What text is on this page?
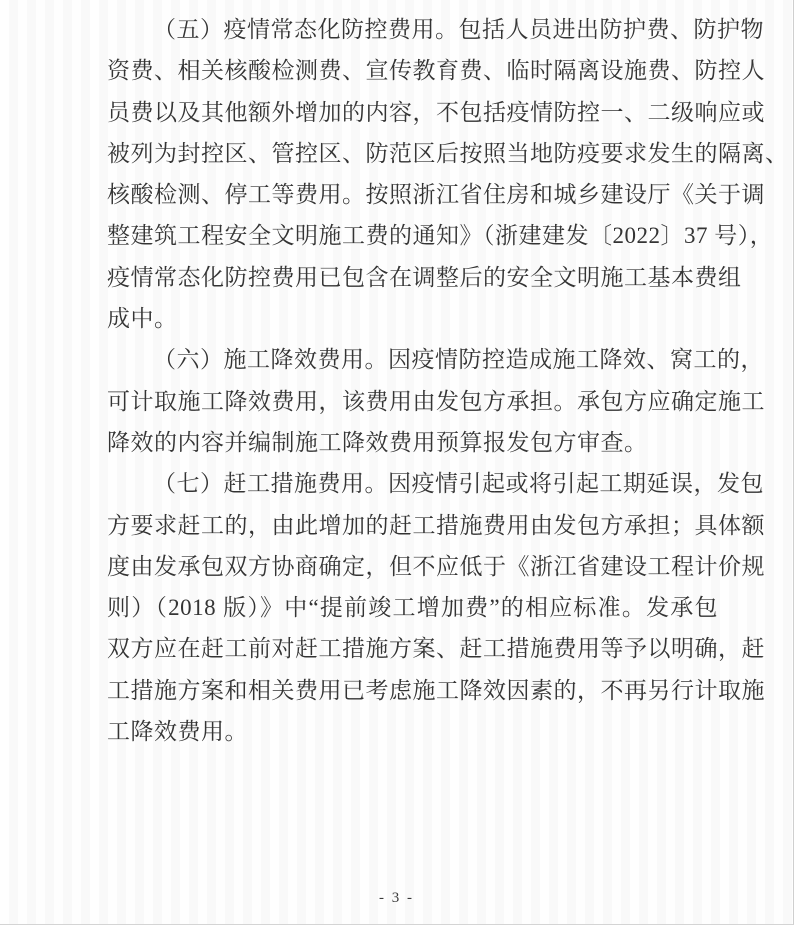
（五）疫情常态化防控费用。包括人员进出防护费、防护物
资费、相关核酸检测费、宣传教育费、临时隔离设施费、防控人
员费以及其他额外增加的内容，不包括疫情防控一、二级响应或
被列为封控区、管控区、防范区后按照当地防疫要求发生的隔离、
核酸检测、停工等费用。按照浙江省住房和城乡建设厅《关于调
整建筑工程安全文明施工费的通知》（浙建建发〔2022〕37 号），
疫情常态化防控费用已包含在调整后的安全文明施工基本费组
成中。
（六）施工降效费用。因疫情防控造成施工降效、窝工的，
可计取施工降效费用，该费用由发包方承担。承包方应确定施工
降效的内容并编制施工降效费用预算报发包方审查。
（七）赶工措施费用。因疫情引起或将引起工期延误，发包
方要求赶工的，由此增加的赶工措施费用由发包方承担；具体额
度由发承包双方协商确定，但不应低于《浙江省建设工程计价规
则）（2018 版）》中“提前竣工增加费”的相应标准。发承包
双方应在赶工前对赶工措施方案、赶工措施费用等予以明确，赶
工措施方案和相关费用已考虑施工降效因素的，不再另行计取施
工降效费用。
- 3 -
